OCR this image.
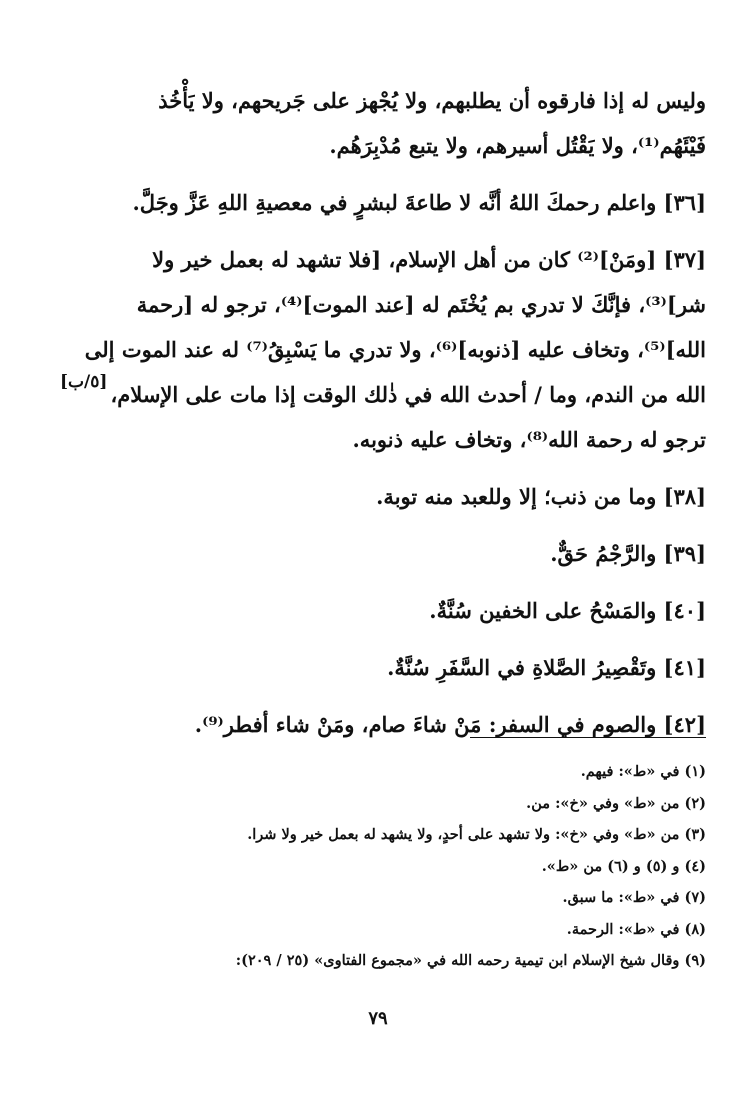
[٥/ب]
وليس له إذا فارقوه أن يطلبهم، ولا يُجْهز على جَريحهم، ولا يَأْخُذ
فَيْئَهُم⁽¹⁾، ولا يَقْتُل أسيرهم، ولا يتبع مُدْبِرَهُم.
[٣٦] واعلم رحمكَ اللهُ أنَّه لا طاعةَ لبشرٍ في معصيةِ اللهِ عَزَّ وجَلَّ.
[٣٧] [ومَنْ]⁽²⁾ كان من أهل الإسلام، [فلا تشهد له بعمل خير ولا
شر]⁽³⁾، فإنَّكَ لا تدري بم يُخْتَم له [عند الموت]⁽⁴⁾، ترجو له [رحمة
الله]⁽⁵⁾، وتخاف عليه [ذنوبه]⁽⁶⁾، ولا تدري ما يَسْبِقُ⁽⁷⁾ له عند الموت إلى
الله من الندم، وما / أحدث الله في ذٰلك الوقت إذا مات على الإسلام،
ترجو له رحمة الله⁽⁸⁾، وتخاف عليه ذنوبه.
[٣٨] وما من ذنب؛ إلا وللعبد منه توبة.
[٣٩] والرَّجْمُ حَقٌّ.
[٤٠] والمَسْحُ على الخفين سُنَّةٌ.
[٤١] وتَقْصِيرُ الصَّلاةِ في السَّفَرِ سُنَّةٌ.
[٤٢] والصوم في السفر: مَنْ شاءَ صام، ومَنْ شاء أفطر⁽⁹⁾.
(١) في «ط»: فيهم.
(٢) من «ط» وفي «خ»: من.
(٣) من «ط» وفي «خ»: ولا تشهد على أحدٍ، ولا يشهد له بعمل خير ولا شرا.
(٤) و (٥) و (٦) من «ط».
(٧) في «ط»: ما سبق.
(٨) في «ط»: الرحمة.
(٩) وقال شيخ الإسلام ابن تيمية رحمه الله في «مجموع الفتاوى» (٢٥ / ٢٠٩):
٧٩
